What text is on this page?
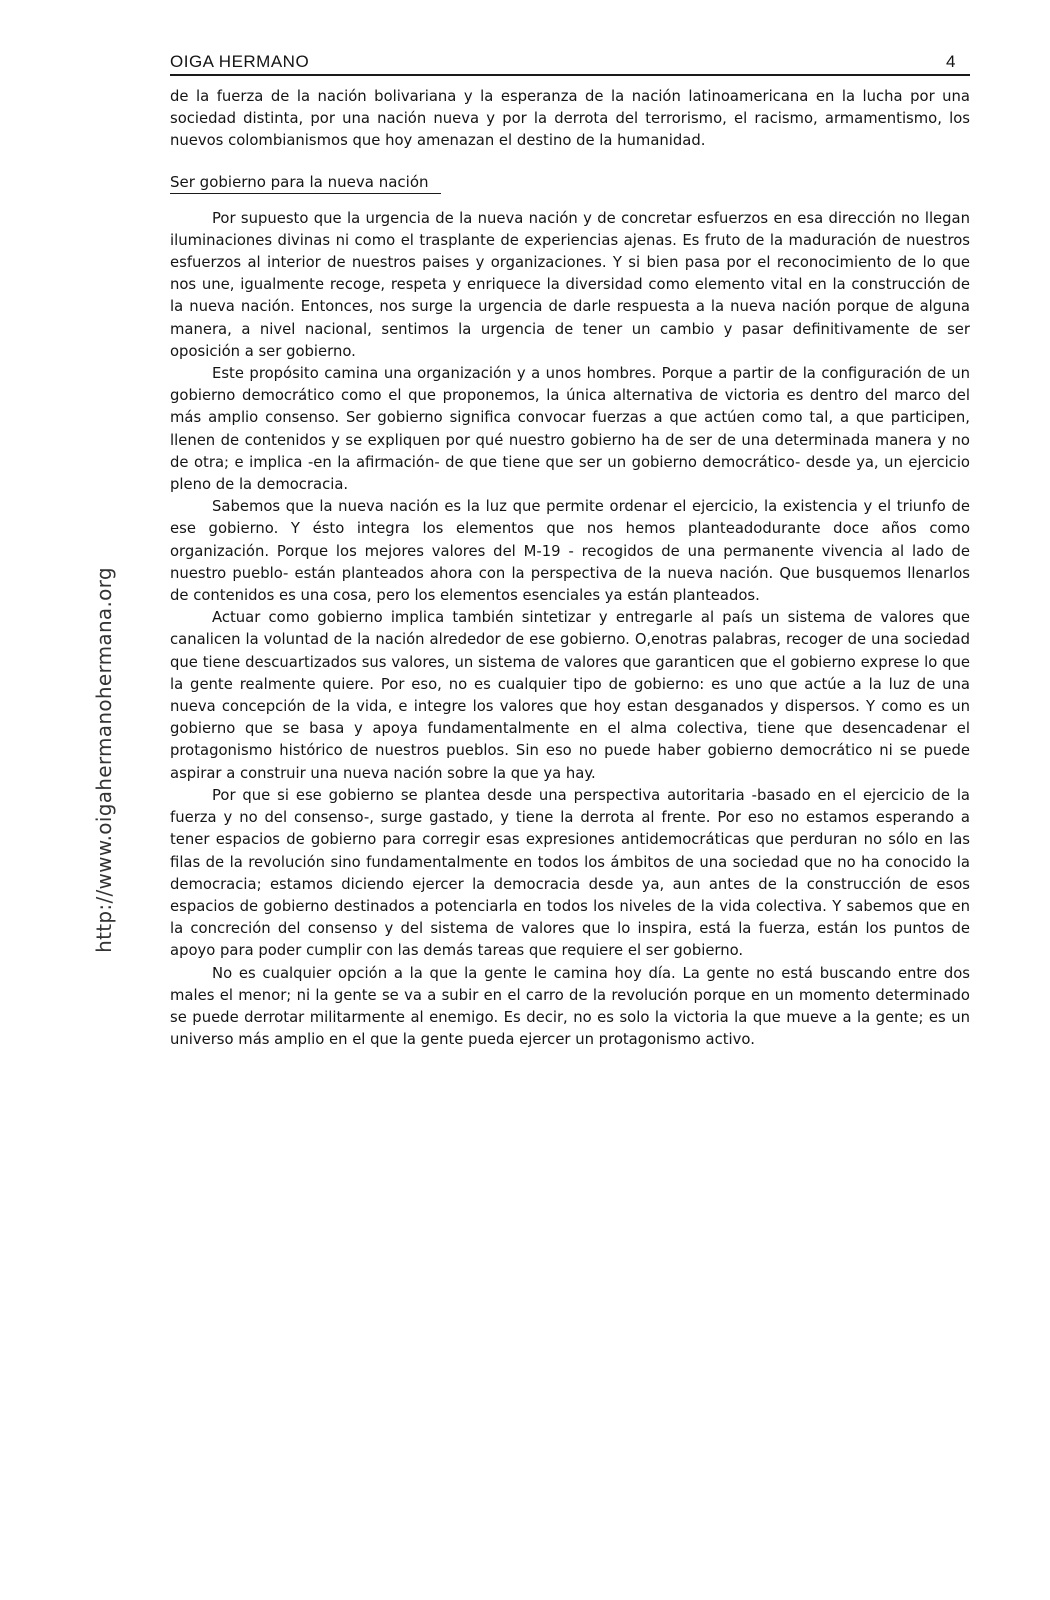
http://www.oigahermanohermana.org
OIGA HERMANO	4

de la fuerza de la nación bolivariana y la esperanza de la nación latinoamericana en la lucha por una sociedad distinta, por una nación nueva y por la derrota del terrorismo, el racismo, armamentismo, los nuevos colombianismos que hoy amenazan el destino de la humanidad.

Ser gobierno para la nueva nación

Por supuesto que la urgencia de la nueva nación y de concretar esfuerzos en esa dirección no llegan iluminaciones divinas ni como el trasplante de experiencias ajenas. Es fruto de la maduración de nuestros esfuerzos al interior de nuestros paises y organizaciones. Y si bien pasa por el reconocimiento de lo que nos une, igualmente recoge, respeta y enriquece la diversidad como elemento vital en la construcción de la nueva nación. Entonces, nos surge la urgencia de darle respuesta a la nueva nación porque de alguna manera, a nivel nacional, sentimos la urgencia de tener un cambio y pasar definitivamente de ser oposición a ser gobierno.

Este propósito camina una organización y a unos hombres. Porque a partir de la configuración de un gobierno democrático como el que proponemos, la única alternativa de victoria es dentro del marco del más amplio consenso. Ser gobierno significa convocar fuerzas a que actúen como tal, a que participen, llenen de contenidos y se expliquen por qué nuestro gobierno ha de ser de una determinada manera y no de otra; e implica -en la afirmación- de que tiene que ser un gobierno democrático- desde ya, un ejercicio pleno de la democracia.

Sabemos que la nueva nación es la luz que permite ordenar el ejercicio, la existencia y el triunfo de ese gobierno. Y ésto integra los elementos que nos hemos planteadodurante doce años como organización. Porque los mejores valores del M-19 - recogidos de una permanente vivencia al lado de nuestro pueblo- están planteados ahora con la perspectiva de la nueva nación. Que busquemos llenarlos de contenidos es una cosa, pero los elementos esenciales ya están planteados.

Actuar como gobierno implica también sintetizar y entregarle al país un sistema de valores que canalicen la voluntad de la nación alrededor de ese gobierno. O,enotras palabras, recoger de una sociedad que tiene descuartizados sus valores, un sistema de valores que garanticen que el gobierno exprese lo que la gente realmente quiere. Por eso, no es cualquier tipo de gobierno: es uno que actúe a la luz de una nueva concepción de la vida, e integre los valores que hoy estan desganados y dispersos. Y como es un gobierno que se basa y apoya fundamentalmente en el alma colectiva, tiene que desencadenar el protagonismo histórico de nuestros pueblos. Sin eso no puede haber gobierno democrático ni se puede aspirar a construir una nueva nación sobre la que ya hay.

Por que si ese gobierno se plantea desde una perspectiva autoritaria -basado en el ejercicio de la fuerza y no del consenso-, surge gastado, y tiene la derrota al frente. Por eso no estamos esperando a tener espacios de gobierno para corregir esas expresiones antidemocráticas que perduran no sólo en las filas de la revolución sino fundamentalmente en todos los ámbitos de una sociedad que no ha conocido la democracia; estamos diciendo ejercer la democracia desde ya, aun antes de la construcción de esos espacios de gobierno destinados a potenciarla en todos los niveles de la vida colectiva. Y sabemos que en la concreción del consenso y del sistema de valores que lo inspira, está la fuerza, están los puntos de apoyo para poder cumplir con las demás tareas que requiere el ser gobierno.

No es cualquier opción a la que la gente le camina hoy día. La gente no está buscando entre dos males el menor; ni la gente se va a subir en el carro de la revolución porque en un momento determinado se puede derrotar militarmente al enemigo. Es decir, no es solo la victoria la que mueve a la gente; es un universo más amplio en el que la gente pueda ejercer un protagonismo activo.
